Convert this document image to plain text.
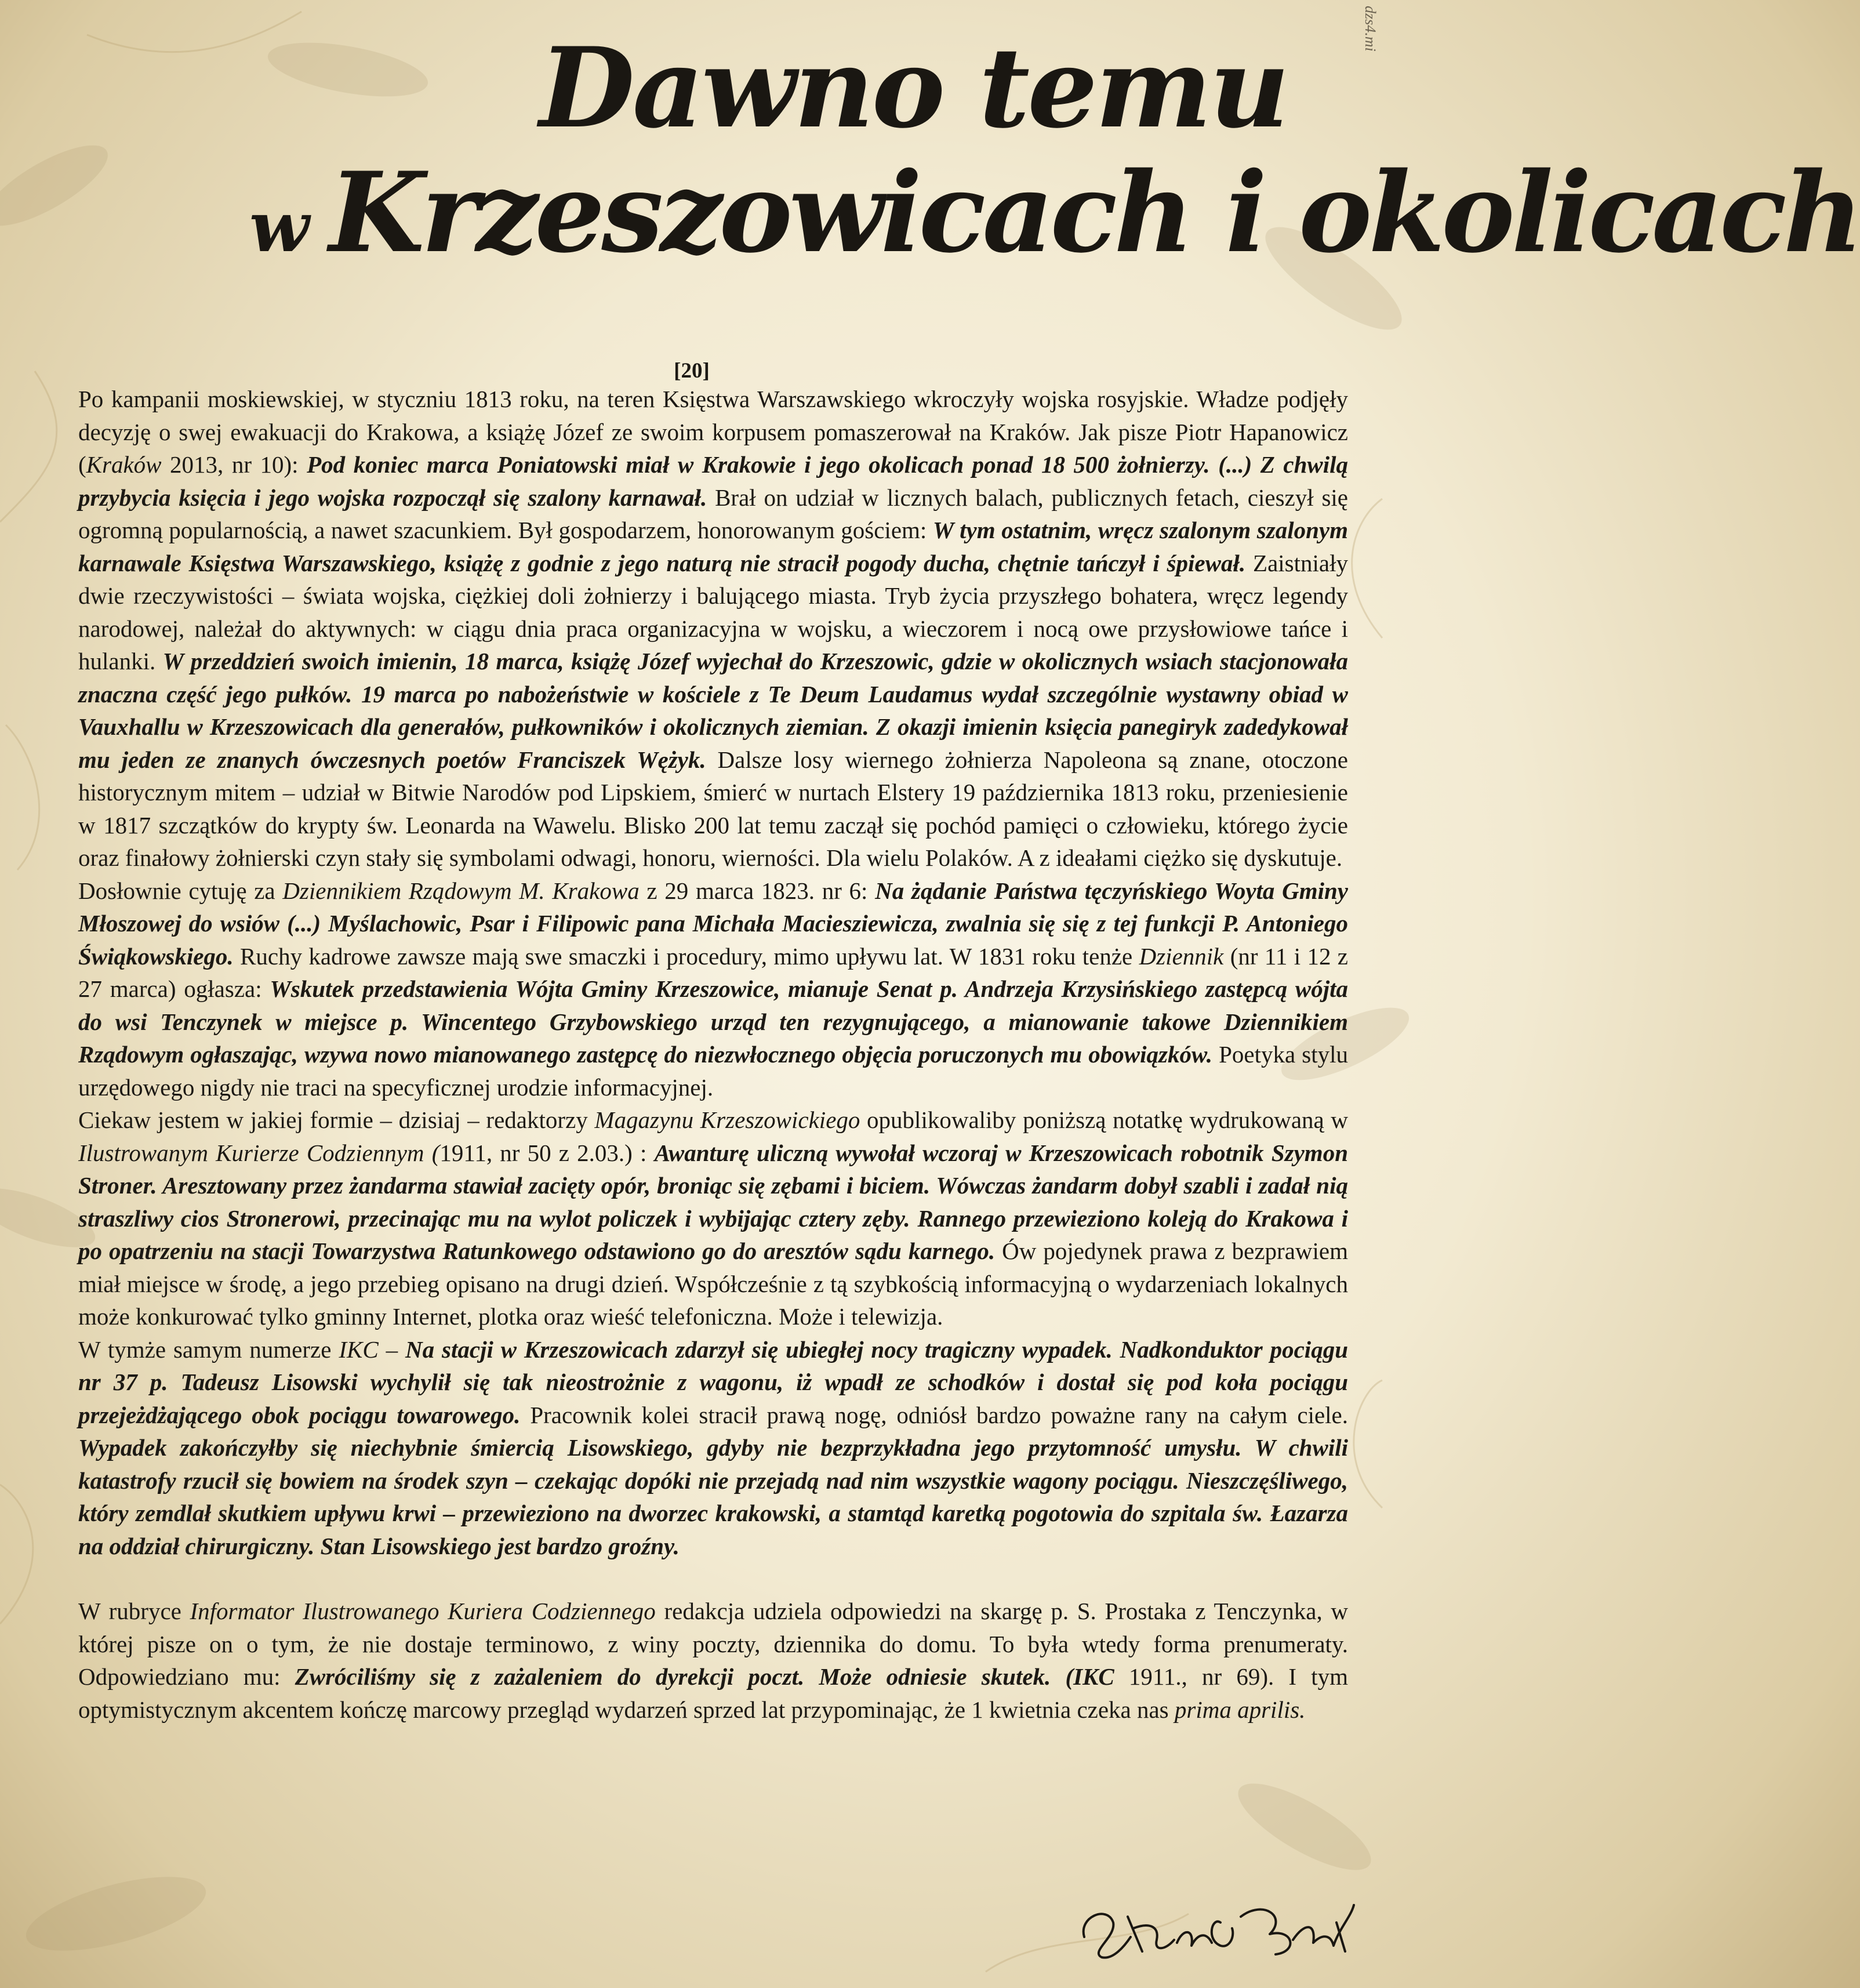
dzs4.mi
Dawno temu
w Krzeszowicach i okolicach
[20]

Po kampanii moskiewskiej, w styczniu 1813 roku, na teren Księstwa Warszawskiego wkroczyły wojska rosyjskie. Władze podjęły decyzję o swej ewakuacji do Krakowa, a książę Józef ze swoim korpusem pomaszerował na Kraków. Jak pisze Piotr Hapanowicz (Kraków 2013, nr 10): Pod koniec marca Poniatowski miał w Krakowie i jego okolicach ponad 18 500 żołnierzy. (...) Z chwilą przybycia księcia i jego wojska rozpoczął się szalony karnawał. Brał on udział w licznych balach, publicznych fetach, cieszył się ogromną popularnością, a nawet szacunkiem. Był gospodarzem, honorowanym gościem: W tym ostatnim, wręcz szalonym szalonym karnawale Księstwa Warszawskiego, książę z godnie z jego naturą nie stracił pogody ducha, chętnie tańczył i śpiewał. Zaistniały dwie rzeczywistości – świata wojska, ciężkiej doli żołnierzy i balującego miasta. Tryb życia przyszłego bohatera, wręcz legendy narodowej, należał do aktywnych: w ciągu dnia praca organizacyjna w wojsku, a wieczorem i nocą owe przysłowiowe tańce i hulanki. W przeddzień swoich imienin, 18 marca, książę Józef wyjechał do Krzeszowic, gdzie w okolicznych wsiach stacjonowała znaczna część jego pułków. 19 marca po nabożeństwie w kościele z Te Deum Laudamus wydał szczególnie wystawny obiad w Vauxhallu w Krzeszowicach dla generałów, pułkowników i okolicznych ziemian. Z okazji imienin księcia panegiryk zadedykował mu jeden ze znanych ówczesnych poetów Franciszek Wężyk. Dalsze losy wiernego żołnierza Napoleona są znane, otoczone historycznym mitem – udział w Bitwie Narodów pod Lipskiem, śmierć w nurtach Elstery 19 października 1813 roku, przeniesienie w 1817 szczątków do krypty św. Leonarda na Wawelu. Blisko 200 lat temu zaczął się pochód pamięci o człowieku, którego życie oraz finałowy żołnierski czyn stały się symbolami odwagi, honoru, wierności. Dla wielu Polaków. A z ideałami ciężko się dyskutuje.

Dosłownie cytuję za Dziennikiem Rządowym M. Krakowa z 29 marca 1823. nr 6: Na żądanie Państwa tęczyńskiego Woyta Gminy Młoszowej do wsiów (...) Myślachowic, Psar i Filipowic pana Michała Maciesziewicza, zwalnia się się z tej funkcji P. Antoniego Świąkowskiego. Ruchy kadrowe zawsze mają swe smaczki i procedury, mimo upływu lat. W 1831 roku tenże Dziennik (nr 11 i 12 z 27 marca) ogłasza: Wskutek przedstawienia Wójta Gminy Krzeszowice, mianuje Senat p. Andrzeja Krzysińskiego zastępcą wójta do wsi Tenczynek w miejsce p. Wincentego Grzybowskiego urząd ten rezygnującego, a mianowanie takowe Dziennikiem Rządowym ogłaszając, wzywa nowo mianowanego zastępcę do niezwłocznego objęcia poruczonych mu obowiązków. Poetyka stylu urzędowego nigdy nie traci na specyficznej urodzie informacyjnej.

Ciekaw jestem w jakiej formie – dzisiaj – redaktorzy Magazynu Krzeszowickiego opublikowaliby poniższą notatkę wydrukowaną w Ilustrowanym Kurierze Codziennym (1911, nr 50 z 2.03.) : Awanturę uliczną wywołał wczoraj w Krzeszowicach robotnik Szymon Stroner. Aresztowany przez żandarma stawiał zacięty opór, broniąc się zębami i biciem. Wówczas żandarm dobył szabli i zadał nią straszliwy cios Stronerowi, przecinając mu na wylot policzek i wybijając cztery zęby. Rannego przewieziono koleją do Krakowa i po opatrzeniu na stacji Towarzystwa Ratunkowego odstawiono go do aresztów sądu karnego. Ów pojedynek prawa z bezprawiem miał miejsce w środę, a jego przebieg opisano na drugi dzień. Współcześnie z tą szybkością informacyjną o wydarzeniach lokalnych może konkurować tylko gminny Internet, plotka oraz wieść telefoniczna. Może i telewizja.

W tymże samym numerze IKC – Na stacji w Krzeszowicach zdarzył się ubiegłej nocy tragiczny wypadek. Nadkonduktor pociągu nr 37 p. Tadeusz Lisowski wychylił się tak nieostrożnie z wagonu, iż wpadł ze schodków i dostał się pod koła pociągu przejeżdżającego obok pociągu towarowego. Pracownik kolei stracił prawą nogę, odniósł bardzo poważne rany na całym ciele. Wypadek zakończyłby się niechybnie śmiercią Lisowskiego, gdyby nie bezprzykładna jego przytomność umysłu. W chwili katastrofy rzucił się bowiem na środek szyn – czekając dopóki nie przejadą nad nim wszystkie wagony pociągu. Nieszczęśliwego, który zemdlał skutkiem upływu krwi – przewieziono na dworzec krakowski, a stamtąd karetką pogotowia do szpitala św. Łazarza na oddział chirurgiczny. Stan Lisowskiego jest bardzo groźny.

W rubryce Informator Ilustrowanego Kuriera Codziennego redakcja udziela odpowiedzi na skargę p. S. Prostaka z Tenczynka, w której pisze on o tym, że nie dostaje terminowo, z winy poczty, dziennika do domu. To była wtedy forma prenumeraty. Odpowiedziano mu: Zwróciliśmy się z zażaleniem do dyrekcji poczt. Może odniesie skutek. (IKC 1911., nr 69). I tym optymistycznym akcentem kończę marcowy przegląd wydarzeń sprzed lat przypominając, że 1 kwietnia czeka nas prima aprilis.
